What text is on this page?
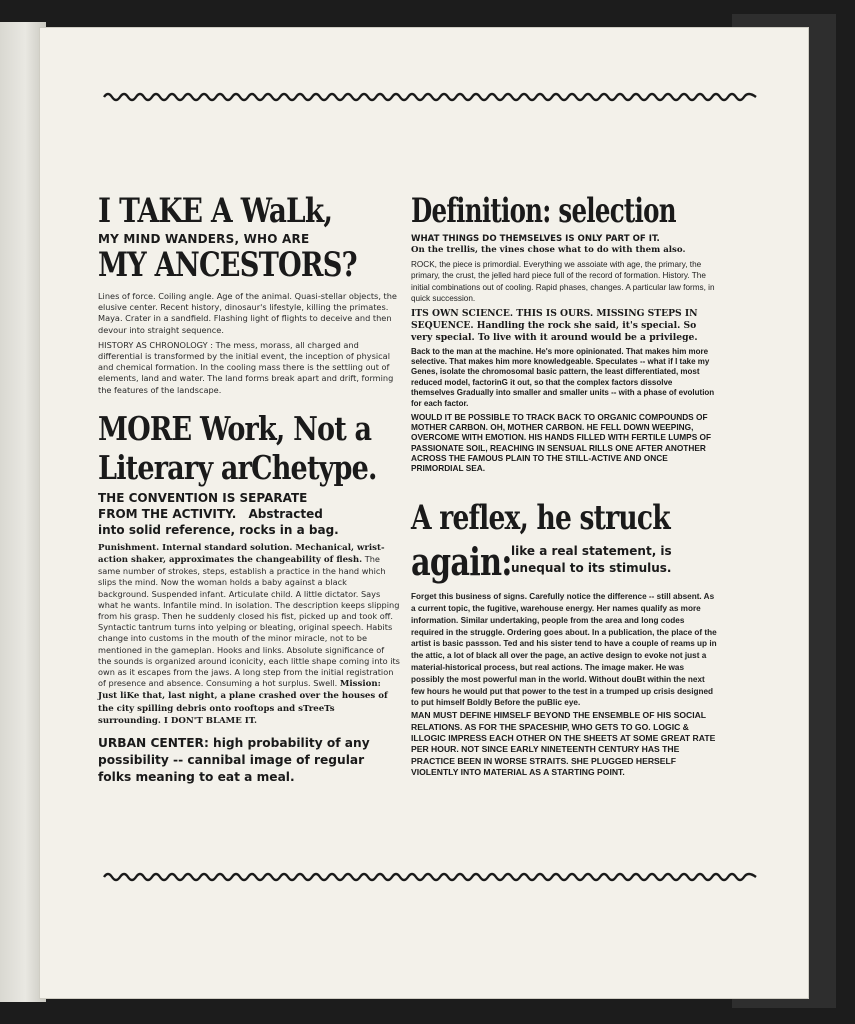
I TAKE A WaLk,
MY MIND WANDERS, WHO ARE
MY ANCESTORS?

Lines of force. Coiling angle. Age of the animal. Quasi-stellar objects, the elusive center. Recent history, dinosaur's lifestyle, killing the primates. Maya. Crater in a sandfield. Flashing light of flights to deceive and then devour into straight sequence.

HISTORY AS CHRONOLOGY : The mess, morass, all charged and differential is transformed by the initial event, the inception of physical and chemical formation. In the cooling mass there is the settling out of elements, land and water. The land forms break apart and drift, forming the features of the landscape.

MORE Work, Not a
Literary arChetype.
THE CONVENTION IS SEPARATE
FROM THE ACTIVITY. Abstracted
into solid reference, rocks in a bag.

Punishment. Internal standard solution. Mechanical, wrist-action shaker, approximates the changeability of flesh. The same number of strokes, steps, establish a practice in the hand which slips the mind. Now the woman holds a baby against a black background. Suspended infant. Articulate child. A little dictator. Says what he wants. Infantile mind. In isolation. The description keeps slipping from his grasp. Then he suddenly closed his fist, picked up and took off. Syntactic tantrum turns into yelping or bleating, original speech. Habits change into customs in the mouth of the minor miracle, not to be mentioned in the gameplan. Hooks and links. Absolute significance of the sounds is organized around iconicity, each little shape coming into its own as it escapes from the jaws. A long step from the initial registration of presence and absence. Consuming a hot surplus. Swell. Mission: Just liKe that, last night, a plane crashed over the houses of the city spilling debris onto rooftops and sTreeTs surrounding. I DON'T BLAME IT.

URBAN CENTER: high probability of any possibility -- cannibal image of regular folks meaning to eat a meal.

Definition: selection

WHAT THINGS DO THEMSELVES IS ONLY PART OF IT.

On the trellis, the vines chose what to do with them also.

ROCK, the piece is primordial. Everything we assoiate with age, the primary, the primary, the crust, the jelled hard piece full of the record of formation. History. The initial combinations out of cooling. Rapid phases, changes. A particular law forms, in quick succession.

ITS OWN SCIENCE. THIS IS OURS. MISSING STEPS IN SEQUENCE. Handling the rock she said, it's special. So very special. To live with it around would be a privilege.

Back to the man at the machine. He's more opinionated. That makes him more selective. That makes him more knowledgeable. Speculates -- what if I take my Genes, isolate the chromosomal basic pattern, the least differentiated, most reduced model, factorinG it out, so that the complex factors dissolve themselves Gradually into smaller and smaller units -- with a phase of evolution for each factor.

WOULD IT BE POSSIBLE TO TRACK BACK TO ORGANIC COMPOUNDS OF MOTHER CARBON. OH, MOTHER CARBON. HE FELL DOWN WEEPING, OVERCOME WITH EMOTION. HIS HANDS FILLED WITH FERTILE LUMPS OF PASSIONATE SOIL, REACHING IN SENSUAL RILLS ONE AFTER ANOTHER ACROSS THE FAMOUS PLAIN TO THE STILL-ACTIVE AND ONCE PRIMORDIAL SEA.

A reflex, he struck
again: like a real statement, is unequal to its stimulus.

Forget this business of signs. Carefully notice the difference -- still absent. As a current topic, the fugitive, warehouse energy. Her names qualify as more information. Similar undertaking, people from the area and long codes required in the struggle. Ordering goes about. In a publication, the place of the artist is basic passson. Ted and his sister tend to have a couple of reams up in the attic, a lot of black all over the page, an active design to evoke not just a material-historical process, but real actions. The image maker. He was possibly the most powerful man in the world. Without douBt within the next few hours he would put that power to the test in a trumped up crisis designed to put himself Boldly Before the puBlic eye.

MAN MUST DEFINE HIMSELF BEYOND THE ENSEMBLE OF HIS SOCIAL RELATIONS. AS FOR THE SPACESHIP, WHO GETS TO GO. LOGIC & ILLOGIC IMPRESS EACH OTHER ON THE SHEETS AT SOME GREAT RATE PER HOUR. NOT SINCE EARLY NINETEENTH CENTURY HAS THE PRACTICE BEEN IN WORSE STRAITS. SHE PLUGGED HERSELF VIOLENTLY INTO MATERIAL AS A STARTING POINT.
